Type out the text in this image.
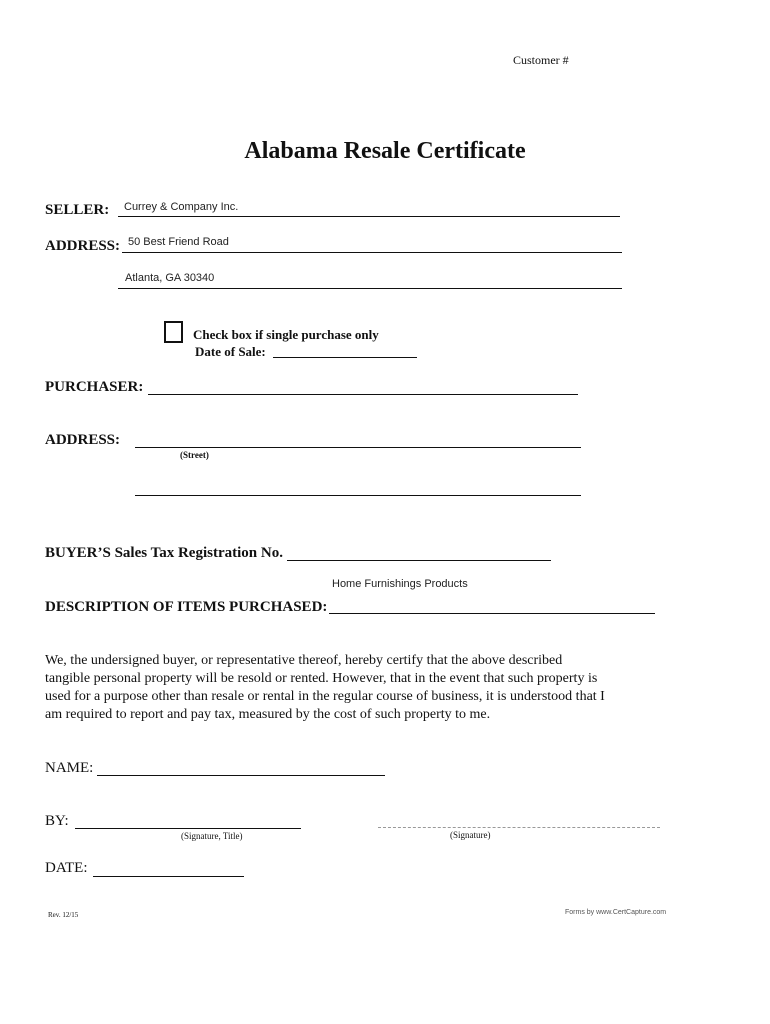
Customer #
Alabama Resale Certificate
SELLER: Currey & Company Inc.
ADDRESS: 50 Best Friend Road
Atlanta, GA 30340
Check box if single purchase only
Date of Sale:
PURCHASER:
ADDRESS:
(Street)
BUYER’S Sales Tax Registration No.
Home Furnishings Products
DESCRIPTION OF ITEMS PURCHASED:
We, the undersigned buyer, or representative thereof, hereby certify that the above described
tangible personal property will be resold or rented. However, that in the event that such property is
used for a purpose other than resale or rental in the regular course of business, it is understood that I
am required to report and pay tax, measured by the cost of such property to me.
NAME:
BY:
(Signature, Title)	(Signature)
DATE:
Rev. 12/15	Forms by www.CertCapture.com
